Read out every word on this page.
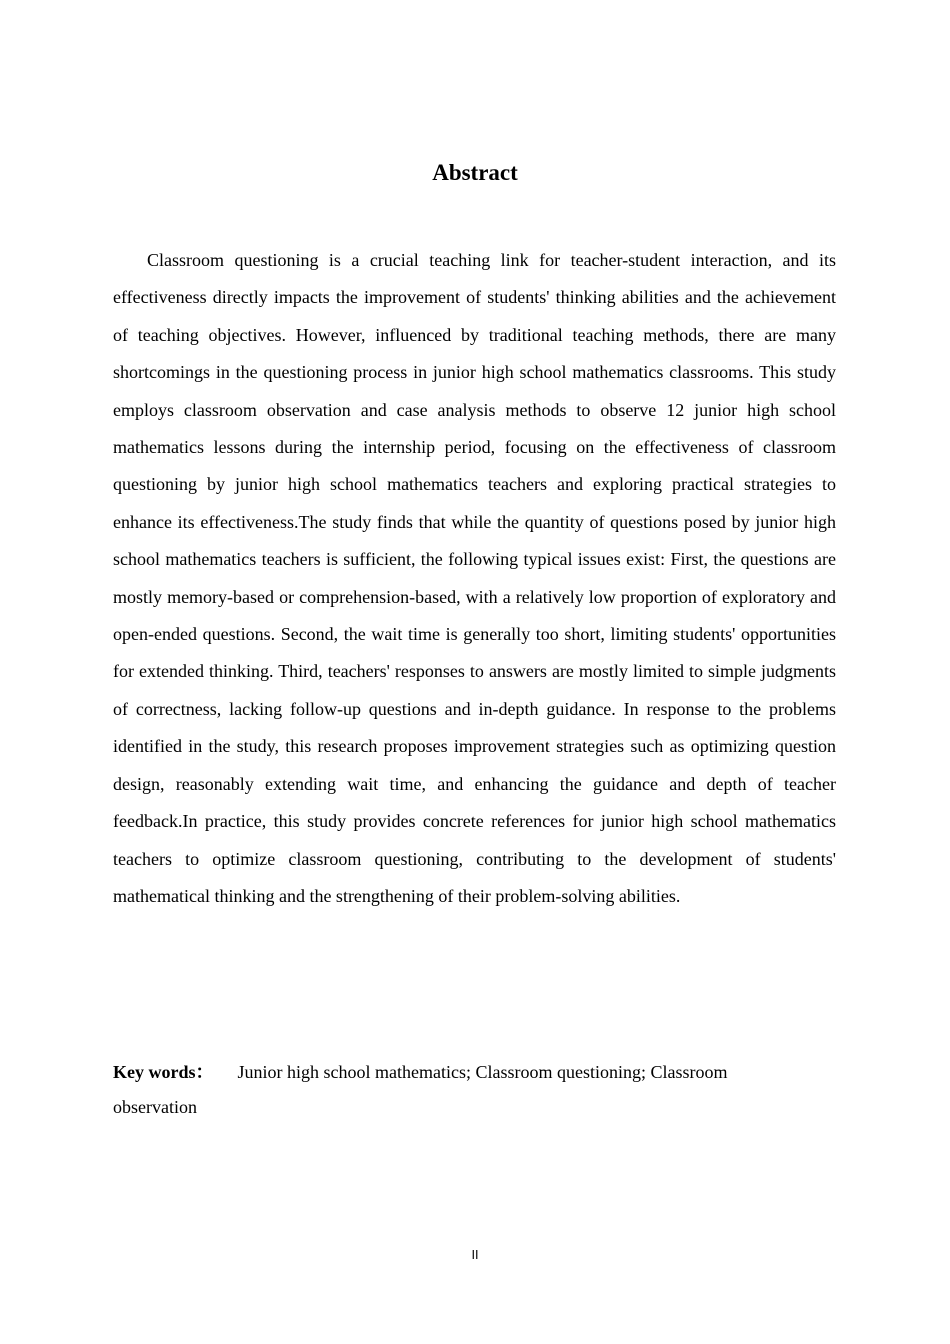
Abstract

Classroom questioning is a crucial teaching link for teacher-student interaction, and its effectiveness directly impacts the improvement of students' thinking abilities and the achievement of teaching objectives. However, influenced by traditional teaching methods, there are many shortcomings in the questioning process in junior high school mathematics classrooms. This study employs classroom observation and case analysis methods to observe 12 junior high school mathematics lessons during the internship period, focusing on the effectiveness of classroom questioning by junior high school mathematics teachers and exploring practical strategies to enhance its effectiveness.The study finds that while the quantity of questions posed by junior high school mathematics teachers is sufficient, the following typical issues exist: First, the questions are mostly memory-based or comprehension-based, with a relatively low proportion of exploratory and open-ended questions. Second, the wait time is generally too short, limiting students' opportunities for extended thinking. Third, teachers' responses to answers are mostly limited to simple judgments of correctness, lacking follow-up questions and in-depth guidance. In response to the problems identified in the study, this research proposes improvement strategies such as optimizing question design, reasonably extending wait time, and enhancing the guidance and depth of teacher feedback.In practice, this study provides concrete references for junior high school mathematics teachers to optimize classroom questioning, contributing to the development of students' mathematical thinking and the strengthening of their problem-solving abilities.

Key words： Junior high school mathematics; Classroom questioning; Classroom observation

II
